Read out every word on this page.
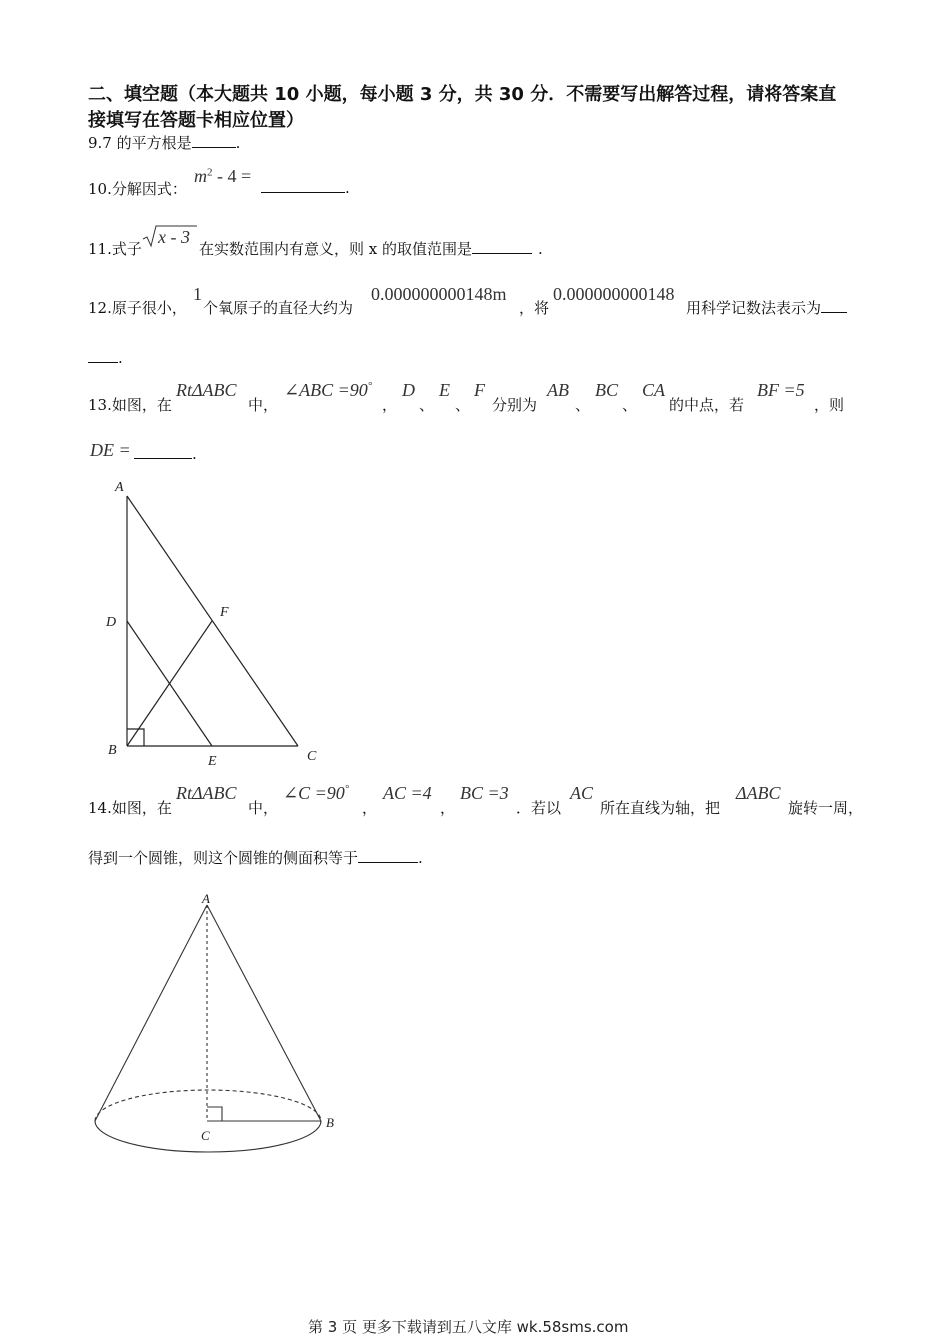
二、填空题（本大题共 10 小题，每小题 3 分，共 30 分．不需要写出解答过程，请将答案直
接填写在答题卡相应位置）
9.7 的平方根是	.
10.分解因式：
$m^2 - 4$ =
.
11.式子
x - 3
在实数范围内有意义，则 x 的取值范围是	.
12.原子很小，
1
个氧原子的直径大约为
0.000000000148m
，将
0.000000000148
用科学记数法表示为
.
13.如图，在
RtΔABC
中，
∠ABC =90°
，
D
、
E
、
F
分别为
AB
、
BC
、
CA
的中点，若
BF =5
，则
DE =	.
A
D
F
B
E	C
14.如图，在
RtΔABC
中，
∠C =90°
，
AC =4
，
BC =3
．若以
AC
所在直线为轴，把
ΔABC
旋转一周，
得到一个圆锥，则这个圆锥的侧面积等于	.
A
C
B
第 3 页 更多下载请到五八文库 wk.58sms.com
